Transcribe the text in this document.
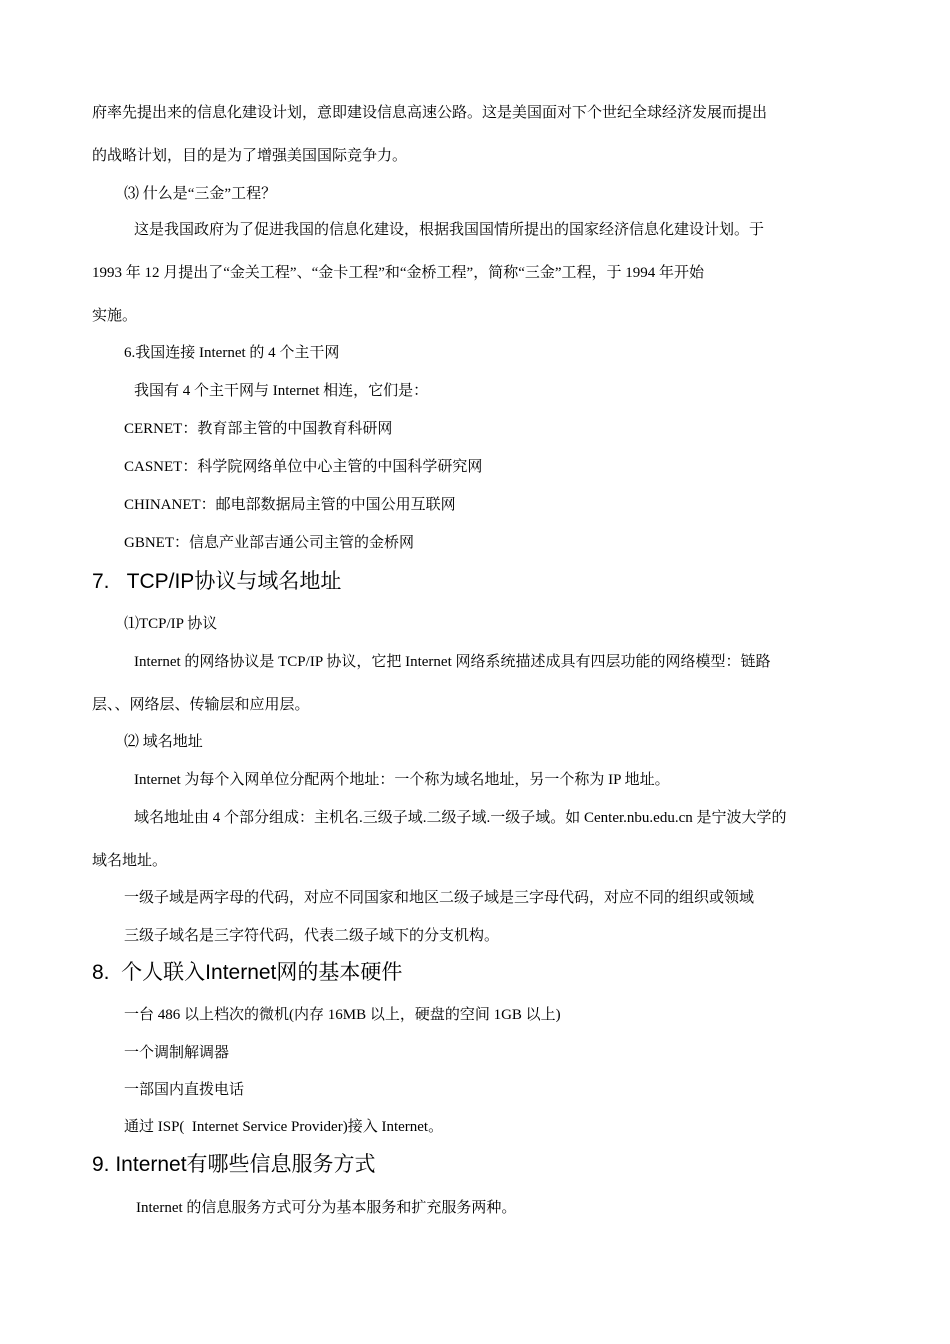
府率先提出来的信息化建设计划，意即建设信息高速公路。这是美国面对下个世纪全球经济发展而提出
的战略计划，目的是为了增强美国国际竞争力。
⑶ 什么是“三金”工程？
这是我国政府为了促进我国的信息化建设，根据我国国情所提出的国家经济信息化建设计划。于
1993 年 12 月提出了“金关工程”、“金卡工程”和“金桥工程”，简称“三金”工程，于 1994 年开始
实施。
6.我国连接 Internet 的 4 个主干网
我国有 4 个主干网与 Internet 相连，它们是：
CERNET：教育部主管的中国教育科研网
CASNET：科学院网络单位中心主管的中国科学研究网
CHINANET：邮电部数据局主管的中国公用互联网
GBNET：信息产业部吉通公司主管的金桥网
7.   TCP/IP协议与域名地址
⑴TCP/IP 协议
Internet 的网络协议是 TCP/IP 协议，它把 Internet 网络系统描述成具有四层功能的网络模型：链路
层、、网络层、传输层和应用层。
⑵ 域名地址
Internet 为每个入网单位分配两个地址：一个称为域名地址，另一个称为 IP 地址。
域名地址由 4 个部分组成：主机名.三级子域.二级子域.一级子域。如 Center.nbu.edu.cn 是宁波大学的
域名地址。
一级子域是两字母的代码，对应不同国家和地区二级子域是三字母代码，对应不同的组织或领域
三级子域名是三字符代码，代表二级子域下的分支机构。
8.  个人联入Internet网的基本硬件
一台 486 以上档次的微机(内存 16MB 以上，硬盘的空间 1GB 以上)
一个调制解调器
一部国内直拨电话
通过 ISP(  Internet Service Provider)接入 Internet。
9. Internet有哪些信息服务方式
Internet 的信息服务方式可分为基本服务和扩充服务两种。
